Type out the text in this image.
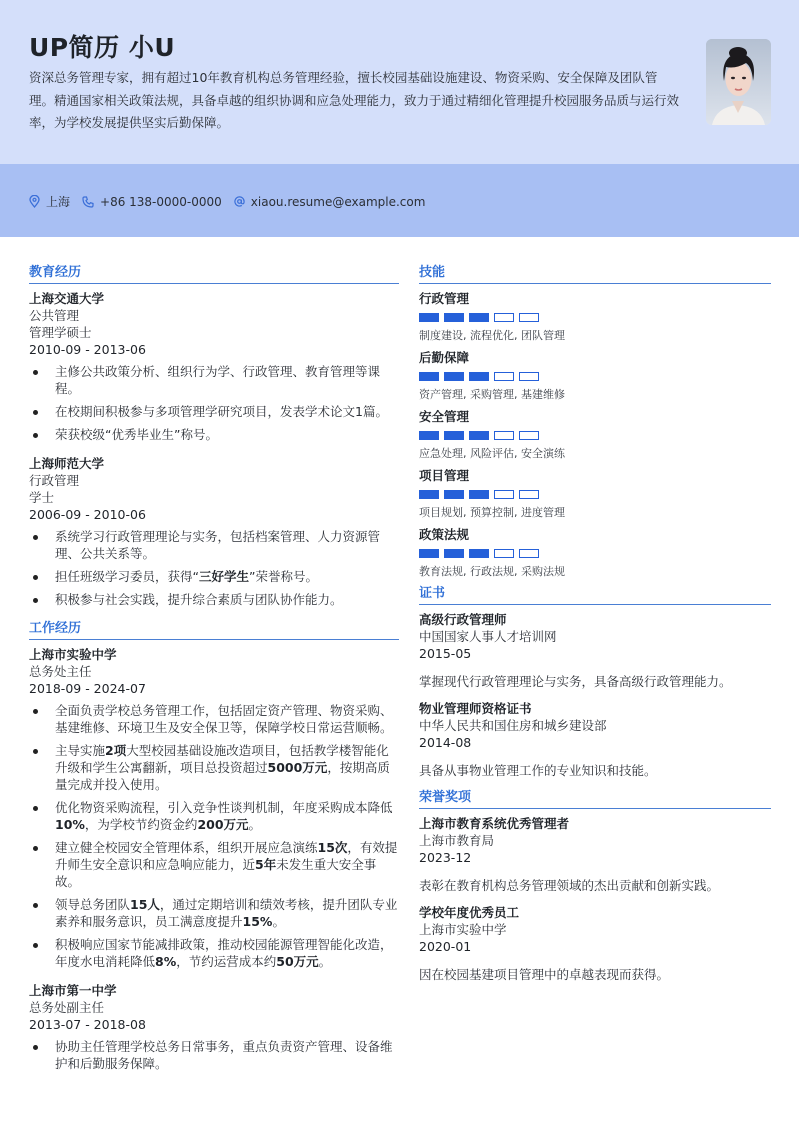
UP简历 小U
资深总务管理专家，拥有超过10年教育机构总务管理经验，擅长校园基础设施建设、物资采购、安全保障及团队管理。精通国家相关政策法规，具备卓越的组织协调和应急处理能力，致力于通过精细化管理提升校园服务品质与运行效率，为学校发展提供坚实后勤保障。
上海	+86 138-0000-0000 xiaou.resume@example.com
教育经历
上海交通大学
公共管理
管理学硕士
2010-09 - 2013-06
主修公共政策分析、组织行为学、行政管理、教育管理等课程。
在校期间积极参与多项管理学研究项目，发表学术论文1篇。
荣获校级“优秀毕业生”称号。
上海师范大学
行政管理
学士
2006-09 - 2010-06
系统学习行政管理理论与实务，包括档案管理、人力资源管理、公共关系等。
担任班级学习委员，获得“三好学生”荣誉称号。
积极参与社会实践，提升综合素质与团队协作能力。
工作经历
上海市实验中学
总务处主任
2018-09 - 2024-07
全面负责学校总务管理工作，包括固定资产管理、物资采购、基建维修、环境卫生及安全保卫等，保障学校日常运营顺畅。
主导实施2项大型校园基础设施改造项目，包括教学楼智能化升级和学生公寓翻新，项目总投资超过5000万元，按期高质量完成并投入使用。
优化物资采购流程，引入竞争性谈判机制，年度采购成本降低10%，为学校节约资金约200万元。
建立健全校园安全管理体系，组织开展应急演练15次，有效提升师生安全意识和应急响应能力，近5年未发生重大安全事故。
领导总务团队15人，通过定期培训和绩效考核，提升团队专业素养和服务意识，员工满意度提升15%。
积极响应国家节能减排政策，推动校园能源管理智能化改造，年度水电消耗降低8%，节约运营成本约50万元。
上海市第一中学
总务处副主任
2013-07 - 2018-08
协助主任管理学校总务日常事务，重点负责资产管理、设备维护和后勤服务保障。
技能
行政管理
制度建设, 流程优化, 团队管理
后勤保障
资产管理, 采购管理, 基建维修
安全管理
应急处理, 风险评估, 安全演练
项目管理
项目规划, 预算控制, 进度管理
政策法规
教育法规, 行政法规, 采购法规
证书
高级行政管理师
中国国家人事人才培训网
2015-05
掌握现代行政管理理论与实务，具备高级行政管理能力。
物业管理师资格证书
中华人民共和国住房和城乡建设部
2014-08
具备从事物业管理工作的专业知识和技能。
荣誉奖项
上海市教育系统优秀管理者
上海市教育局
2023-12
表彰在教育机构总务管理领域的杰出贡献和创新实践。
学校年度优秀员工
上海市实验中学
2020-01
因在校园基建项目管理中的卓越表现而获得。
